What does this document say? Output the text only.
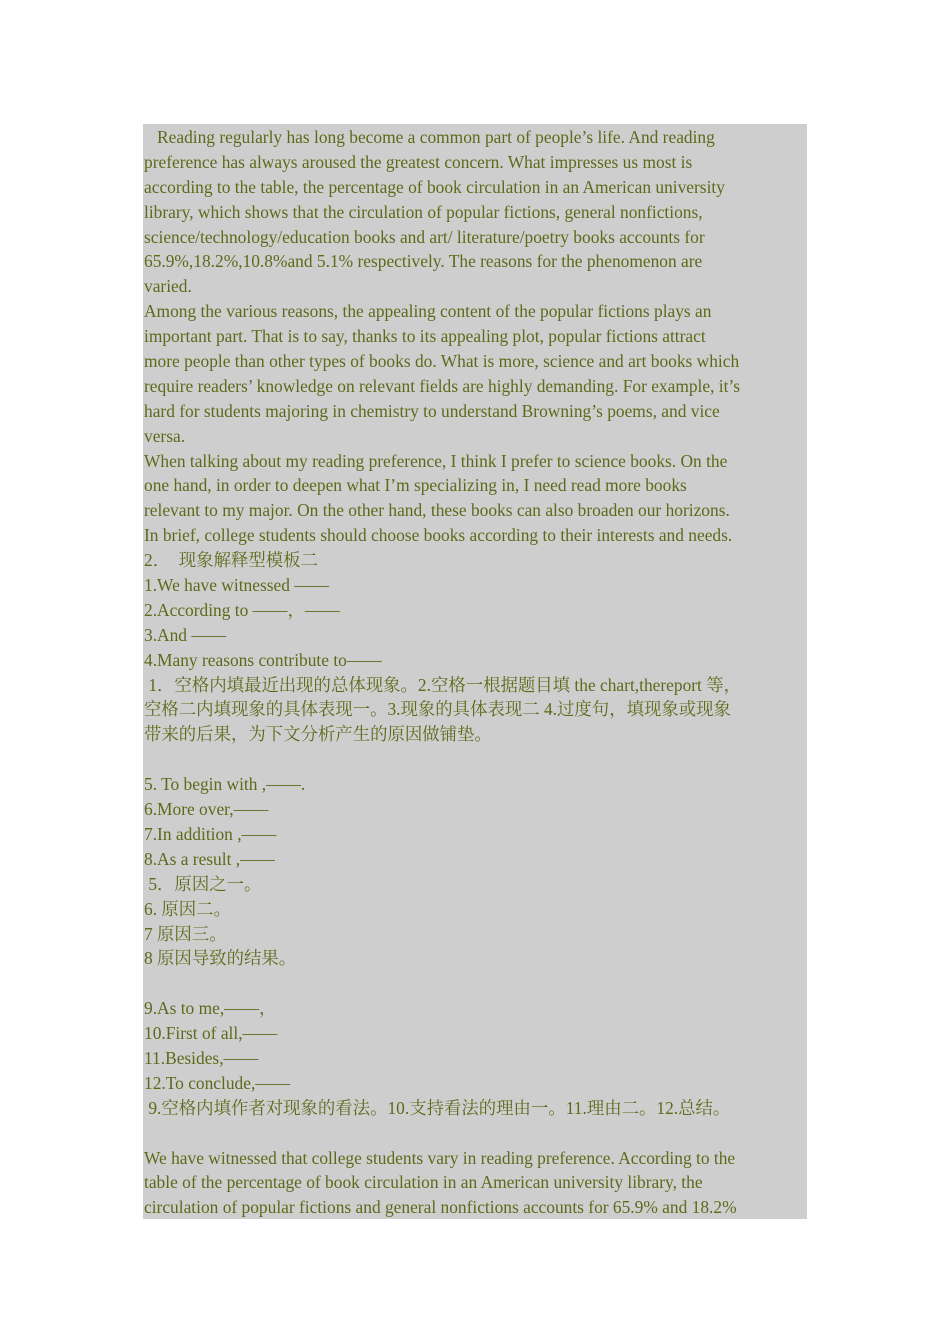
Reading regularly has long become a common part of people’s life. And reading

preference has always aroused the greatest concern. What impresses us most is

according to the table, the percentage of book circulation in an American university

library, which shows that the circulation of popular fictions, general nonfictions,

science/technology/education books and art/ literature/poetry books accounts for

65.9%,18.2%,10.8%and 5.1% respectively. The reasons for the phenomenon are

varied.

Among the various reasons, the appealing content of the popular fictions plays an

important part. That is to say, thanks to its appealing plot, popular fictions attract

more people than other types of books do. What is more, science and art books which

require readers’ knowledge on relevant fields are highly demanding. For example, it’s

hard for students majoring in chemistry to understand Browning’s poems, and vice

versa.

When talking about my reading preference, I think I prefer to science books. On the

one hand, in order to deepen what I’m specializing in, I need read more books

relevant to my major. On the other hand, these books can also broaden our horizons.

In brief, college students should choose books according to their interests and needs.

2．  现象解释型模板二

1.We have witnessed ——

2.According to ——，——

3.And ——

4.Many reasons contribute to——

1．空格内填最近出现的总体现象。2.空格一根据题目填 the chart,thereport 等，

空格二内填现象的具体表现一。3.现象的具体表现二 4.过度句，填现象或现象

带来的后果，为下文分析产生的原因做铺垫。

5. To begin with ,——.

6.More over,——

7.In addition ,——

8.As a result ,——

5．原因之一。

6. 原因二。

7 原因三。

8 原因导致的结果。

9.As to me,——，

10.First of all,——

11.Besides,——

12.To conclude,——

9.空格内填作者对现象的看法。10.支持看法的理由一。11.理由二。12.总结。

We have witnessed that college students vary in reading preference. According to the

table of the percentage of book circulation in an American university library, the

circulation of popular fictions and general nonfictions accounts for 65.9% and 18.2%
